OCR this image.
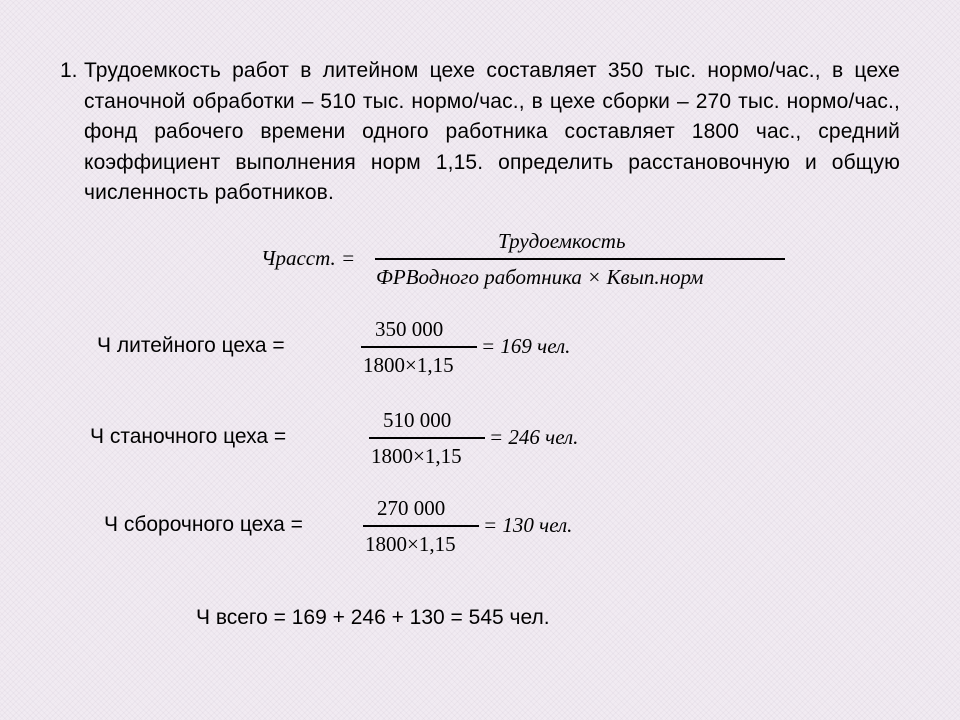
1. Трудоемкость работ в литейном цехе составляет 350 тыс. нормо/час., в цехе станочной обработки – 510 тыс. нормо/час., в цехе сборки – 270 тыс. нормо/час., фонд рабочего времени одного работника составляет 1800 час., средний коэффициент выполнения норм 1,15. определить расстановочную и общую численность работников.
Чрасст. =
Трудоемкость
ФРВодного работника × Квып.норм
Ч литейного цеха =
350 000
1800×1,15
= 169 чел.
Ч станочного цеха =
510 000
1800×1,15
= 246 чел.
Ч сборочного цеха =
270 000
1800×1,15
= 130 чел.
Ч всего = 169 + 246 + 130 = 545 чел.
